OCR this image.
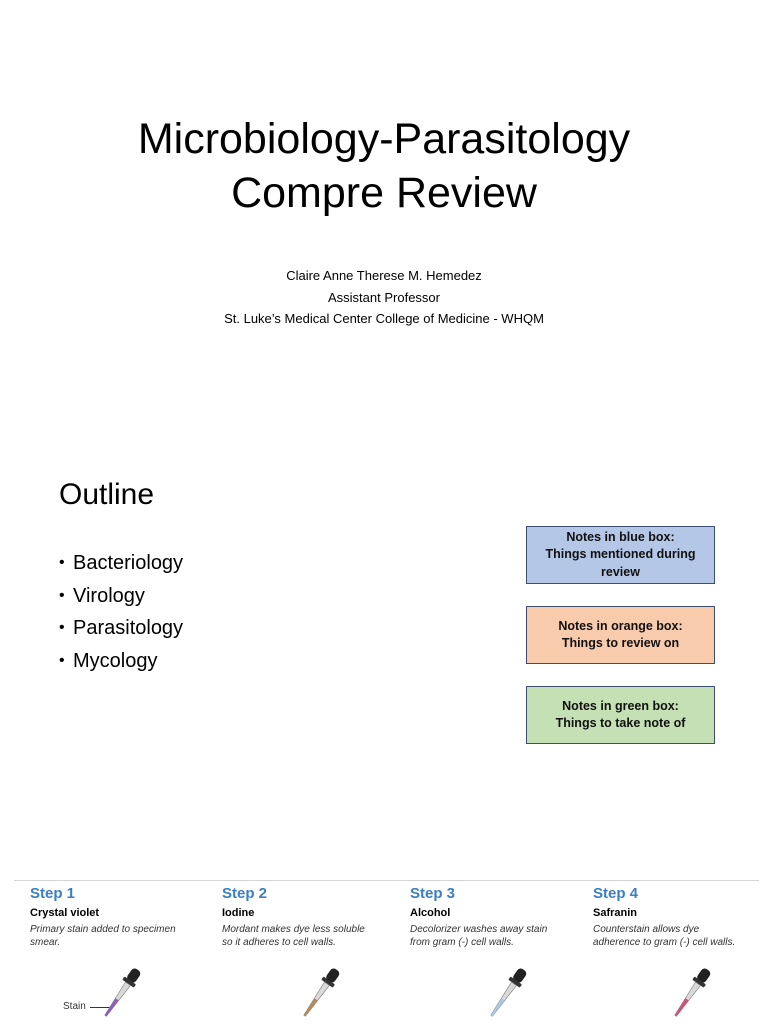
Microbiology-Parasitology
Compre Review
Claire Anne Therese M. Hemedez
Assistant Professor
St. Luke’s Medical Center College of Medicine - WHQM
Outline
• Bacteriology
• Virology
• Parasitology
• Mycology
Notes in blue box:
Things mentioned during
review
Notes in orange box:
Things to review on
Notes in green box:
Things to take note of
Step 1
Crystal violet
Primary stain added to specimen
smear.
Step 2
Iodine
Mordant makes dye less soluble
so it adheres to cell walls.
Step 3
Alcohol
Decolorizer washes away stain
from gram (-) cell walls.
Step 4
Safranin
Counterstain allows dye
adherence to gram (-) cell walls.
Stain
